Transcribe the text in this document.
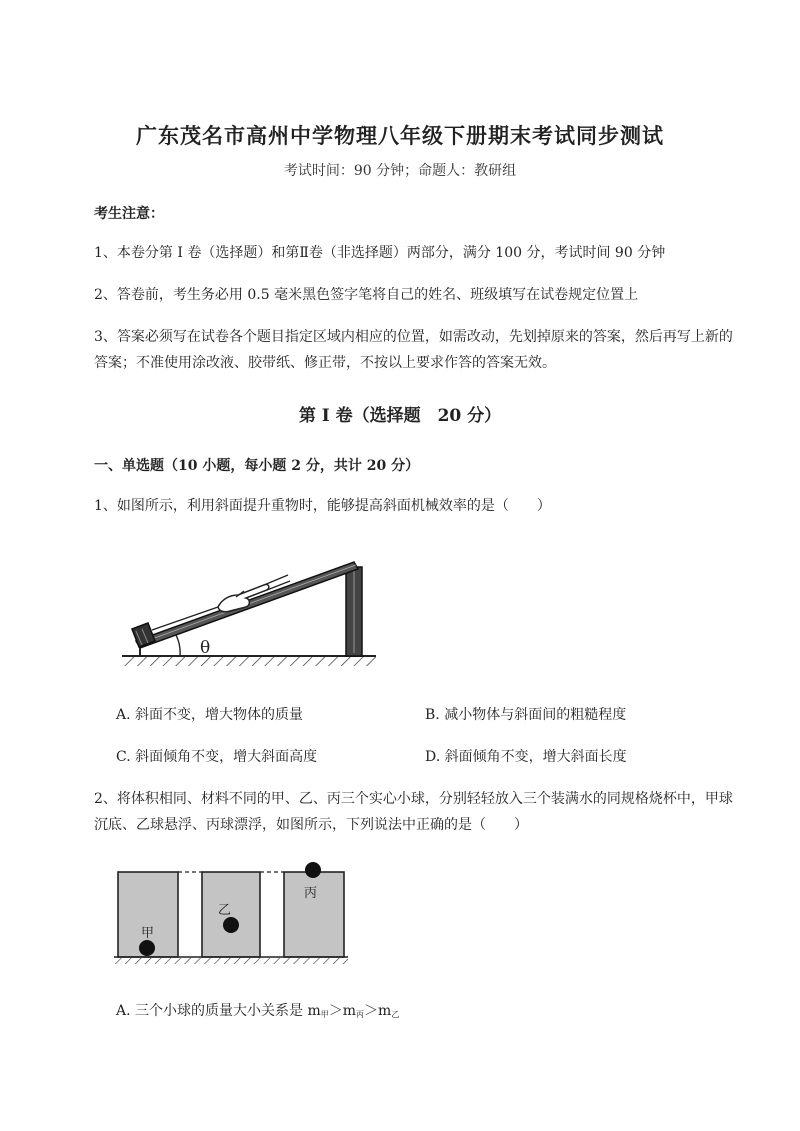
广东茂名市高州中学物理八年级下册期末考试同步测试
考试时间：90 分钟；命题人：教研组
考生注意：
1、本卷分第 I 卷（选择题）和第Ⅱ卷（非选择题）两部分，满分 100 分，考试时间 90 分钟
2、答卷前，考生务必用 0.5 毫米黑色签字笔将自己的姓名、班级填写在试卷规定位置上
3、答案必须写在试卷各个题目指定区域内相应的位置，如需改动，先划掉原来的答案，然后再写上新的答案；不准使用涂改液、胶带纸、修正带，不按以上要求作答的答案无效。
第 I 卷（选择题　20 分）
一、单选题（10 小题，每小题 2 分，共计 20 分）
1、如图所示，利用斜面提升重物时，能够提高斜面机械效率的是（　　）
θ
A. 斜面不变，增大物体的质量	B. 减小物体与斜面间的粗糙程度
C. 斜面倾角不变，增大斜面高度	D. 斜面倾角不变，增大斜面长度
2、将体积相同、材料不同的甲、乙、丙三个实心小球，分别轻轻放入三个装满水的同规格烧杯中，甲球沉底、乙球悬浮、丙球漂浮，如图所示，下列说法中正确的是（　　）
甲
乙
丙
A. 三个小球的质量大小关系是 $m_甲>m_丙>m_乙$
